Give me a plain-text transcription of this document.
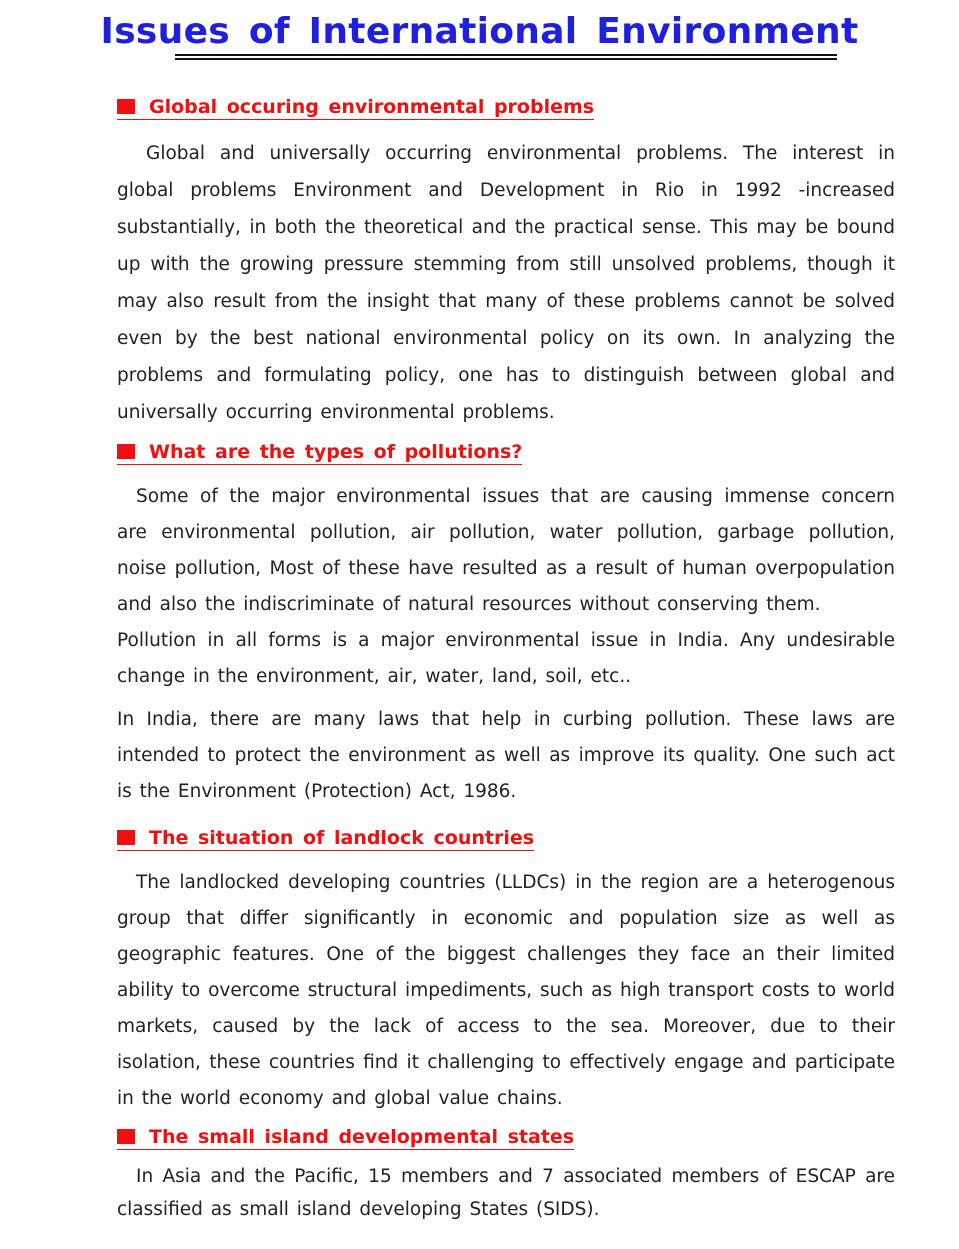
Issues of International Environment
Global occuring environmental problems

Global and universally occurring environmental problems. The interest in global problems Environment and Development in Rio in 1992 -increased substantially, in both the theoretical and the practical sense. This may be bound up with the growing pressure stemming from still unsolved problems, though it may also result from the insight that many of these problems cannot be solved even by the best national environmental policy on its own. In analyzing the problems and formulating policy, one has to distinguish between global and universally occurring environmental problems.

What are the types of pollutions?

Some of the major environmental issues that are causing immense concern are environmental pollution, air pollution, water pollution, garbage pollution, noise pollution, Most of these have resulted as a result of human overpopulation and also the indiscriminate of natural resources without conserving them.

Pollution in all forms is a major environmental issue in India. Any undesirable change in the environment, air, water, land, soil, etc..

In India, there are many laws that help in curbing pollution. These laws are intended to protect the environment as well as improve its quality. One such act is the Environment (Protection) Act, 1986.

The situation of landlock countries

The landlocked developing countries (LLDCs) in the region are a heterogenous group that differ significantly in economic and population size as well as geographic features. One of the biggest challenges they face an their limited ability to overcome structural impediments, such as high transport costs to world markets, caused by the lack of access to the sea. Moreover, due to their isolation, these countries find it challenging to effectively engage and participate in the world economy and global value chains.

The small island developmental states

In Asia and the Pacific, 15 members and 7 associated members of ESCAP are classified as small island developing States (SIDS).
